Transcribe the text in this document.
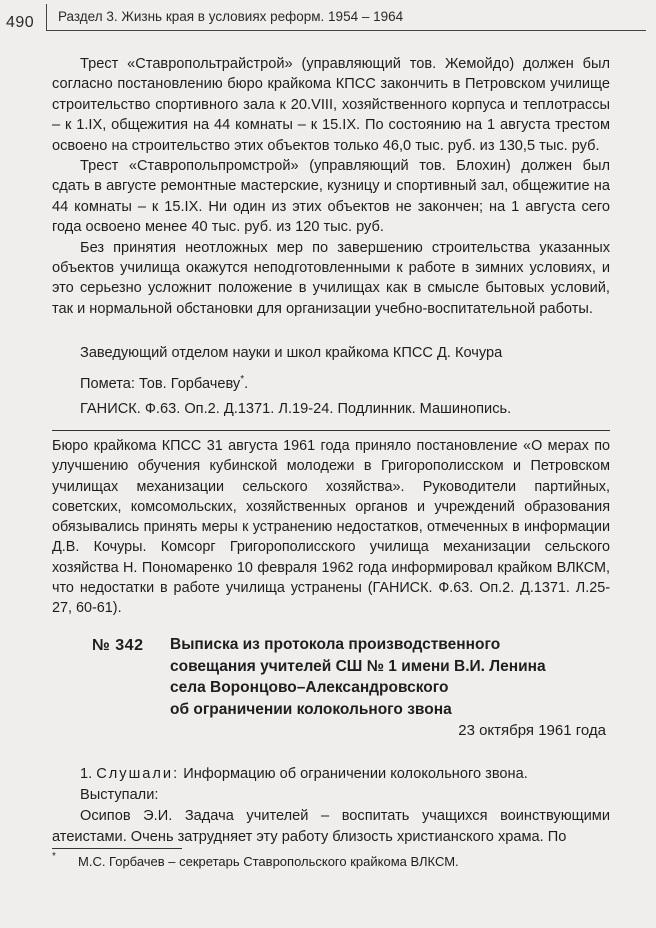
490 Раздел 3. Жизнь края в условиях реформ. 1954 – 1964

Трест «Ставропольтрайстрой» (управляющий тов. Жемойдо) должен был согласно постановлению бюро крайкома КПСС закончить в Петровском училище строительство спортивного зала к 20.VIII, хозяйственного корпуса и теплотрассы – к 1.IX, общежития на 44 комнаты – к 15.IX. По состоянию на 1 августа трестом освоено на строительство этих объектов только 46,0 тыс. руб. из 130,5 тыс. руб.

Трест «Ставропольпромстрой» (управляющий тов. Блохин) должен был сдать в августе ремонтные мастерские, кузницу и спортивный зал, общежитие на 44 комнаты – к 15.IX. Ни один из этих объектов не закончен; на 1 августа сего года освоено менее 40 тыс. руб. из 120 тыс. руб.

Без принятия неотложных мер по завершению строительства указанных объектов училища окажутся неподготовленными к работе в зимних условиях, и это серьезно усложнит положение в училищах как в смысле бытовых условий, так и нормальной обстановки для организации учебно-воспитательной работы.

Заведующий отделом науки и школ крайкома КПСС Д. Кочура
Помета: Тов. Горбачеву*.
ГАНИСК. Ф.63. Оп.2. Д.1371. Л.19-24. Подлинник. Машинопись.
Бюро крайкома КПСС 31 августа 1961 года приняло постановление «О мерах по улучшению обучения кубинской молодежи в Григорополисском и Петровском училищах механизации сельского хозяйства». Руководители партийных, советских, комсомольских, хозяйственных органов и учреждений образования обязывались принять меры к устранению недостатков, отмеченных в информации Д.В. Кочуры. Комсорг Григорополисского училища механизации сельского хозяйства Н. Пономаренко 10 февраля 1962 года информировал крайком ВЛКСМ, что недостатки в работе училища устранены (ГАНИСК. Ф.63. Оп.2. Д.1371. Л.25-27, 60-61).
№ 342 Выписка из протокола производственного
совещания учителей СШ № 1 имени В.И. Ленина
села Воронцово–Александровского
об ограничении колокольного звона
23 октября 1961 года
1. Слушали: Информацию об ограничении колокольного звона.
Выступали:
Осипов Э.И. Задача учителей – воспитать учащихся воинствующими атеистами. Очень затрудняет эту работу близость христианского храма. По
* М.С. Горбачев – секретарь Ставропольского крайкома ВЛКСМ.
